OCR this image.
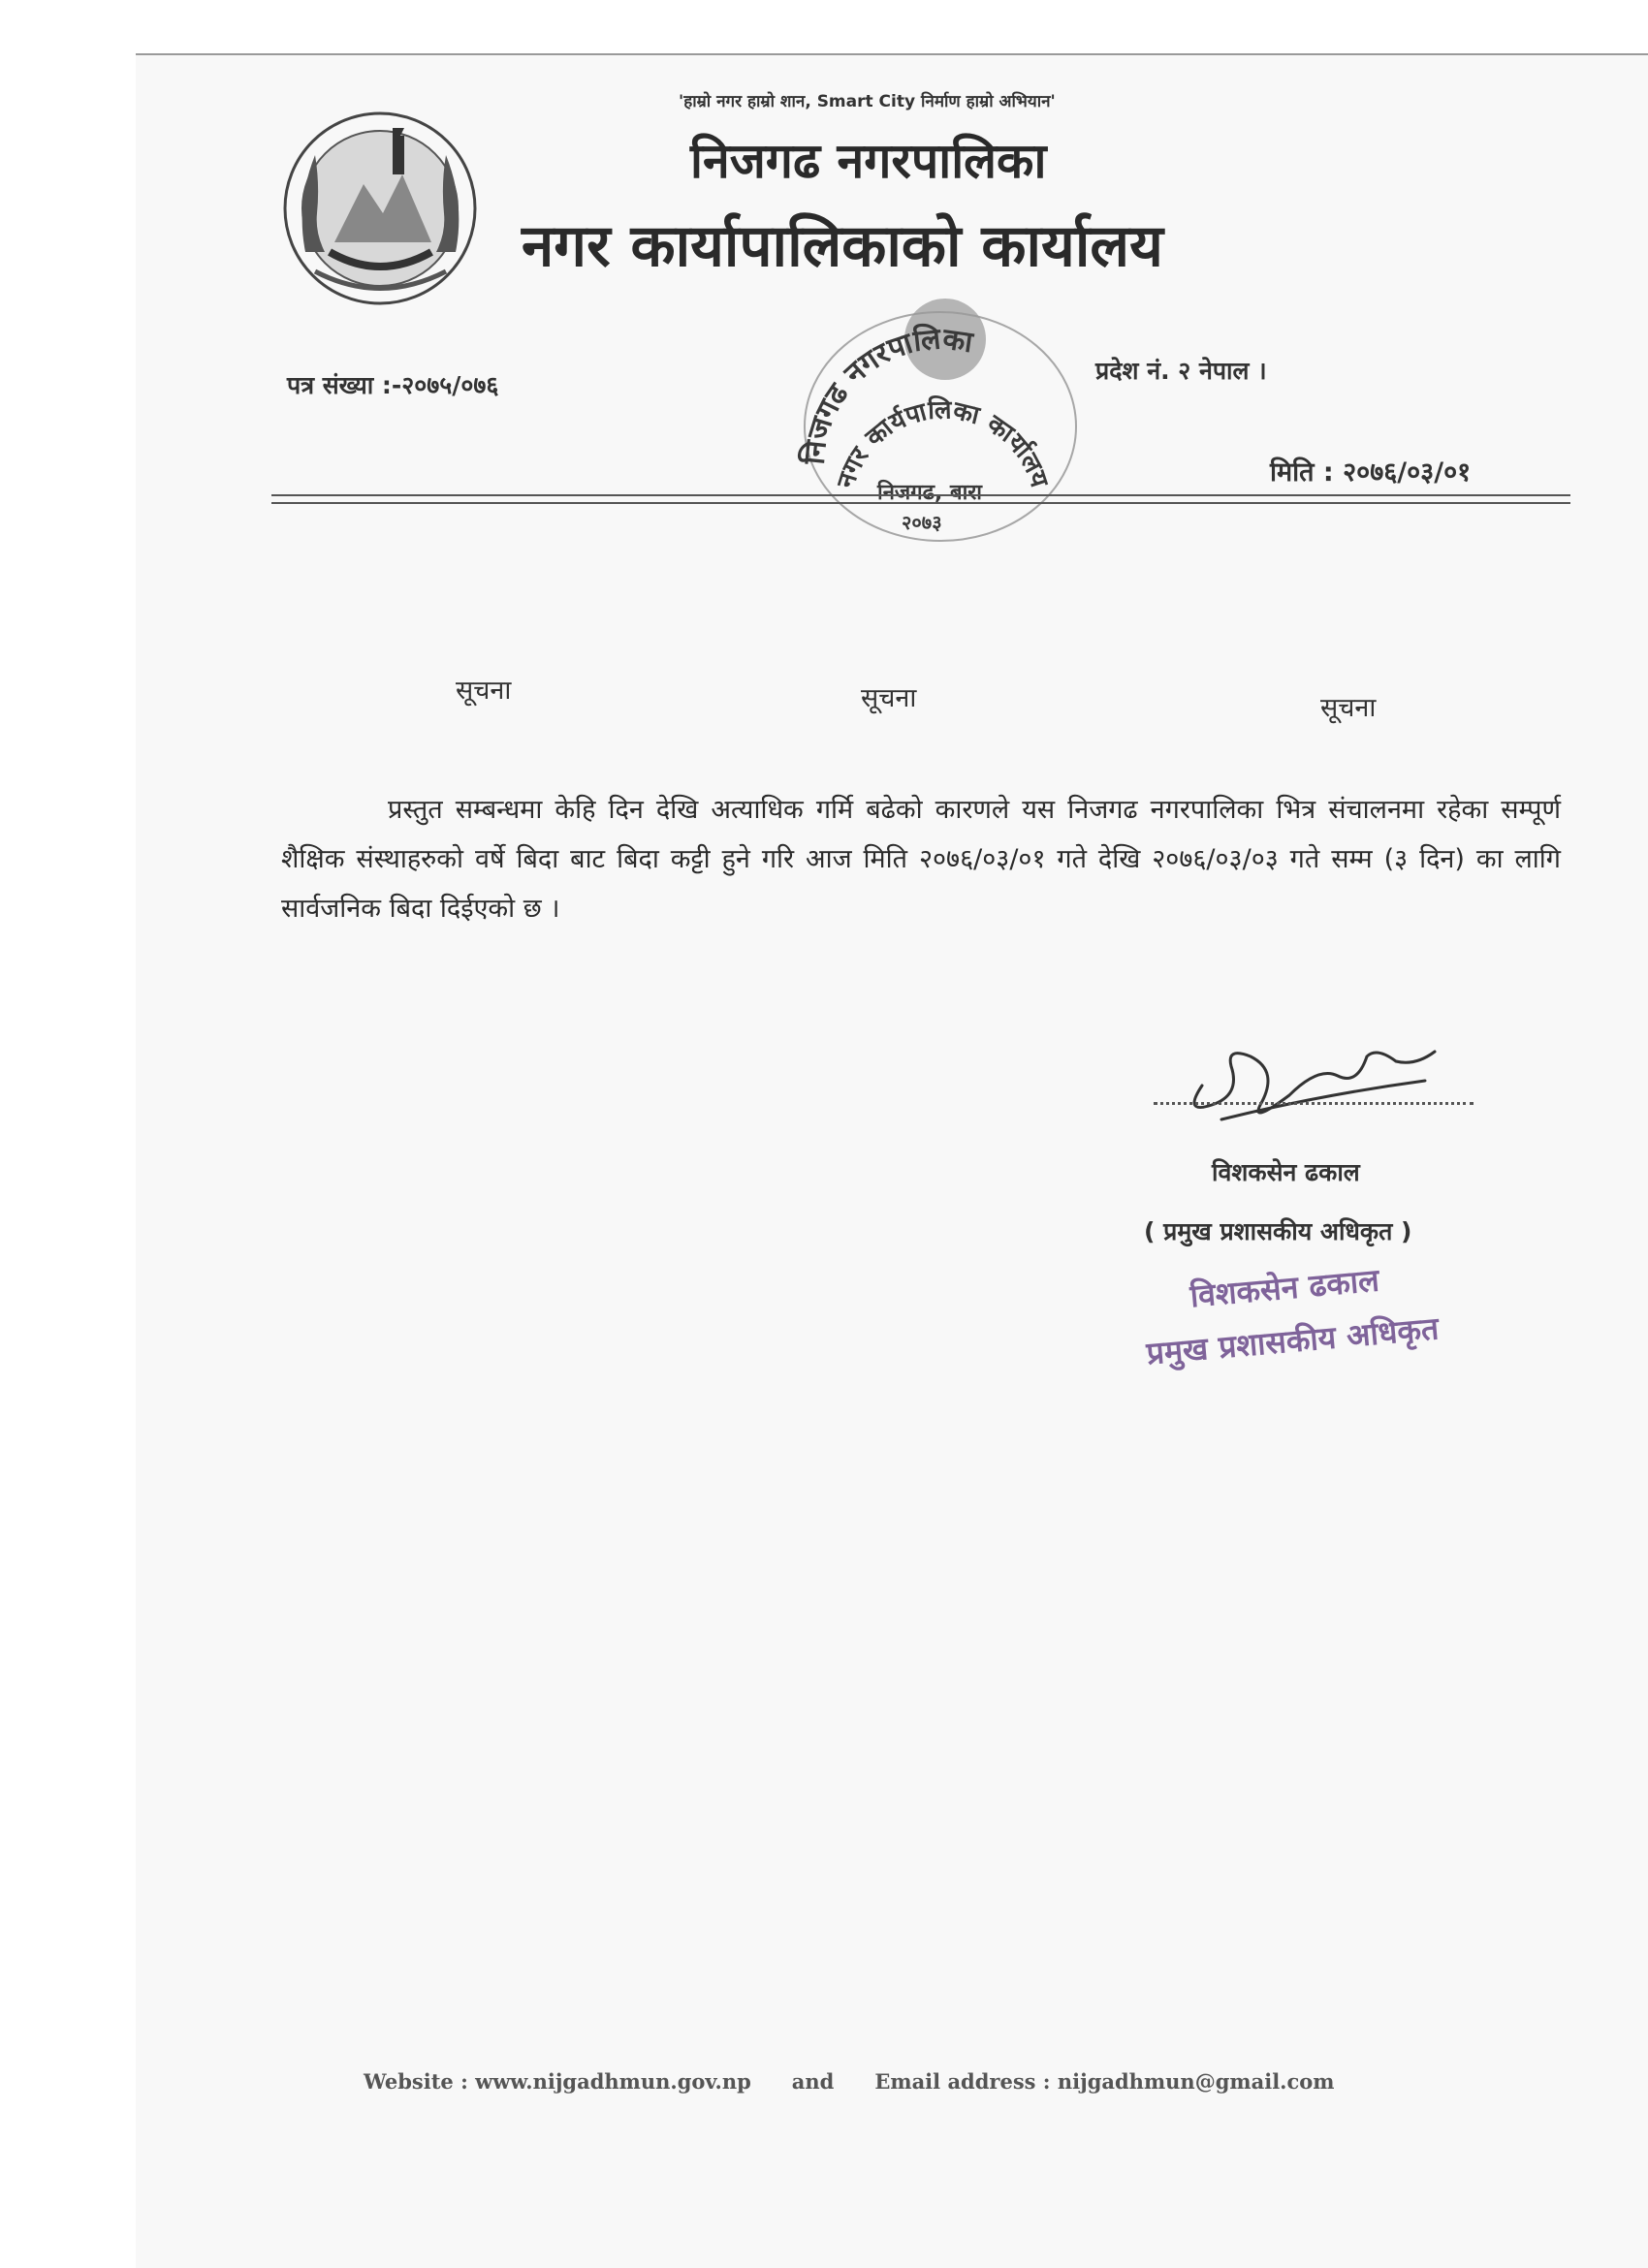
'हाम्रो नगर हाम्रो शान, Smart City निर्माण हाम्रो अभियान'
निजगढ नगरपालिका
नगर कार्यापालिकाको कार्यालय
निजगढ नगरपालिका
नगर कार्यपालिका कार्यालय
निजगढ, बारा
२०७३
पत्र संख्या :-२०७५/०७६
प्रदेश नं. २ नेपाल ।
मिति : २०७६/०३/०१
सूचना	सूचना	सूचना

प्रस्तुत सम्बन्धमा केहि दिन देखि अत्याधिक गर्मि बढेको कारणले यस निजगढ नगरपालिका भित्र संचालनमा रहेका सम्पूर्ण शैक्षिक संस्थाहरुको वर्षे बिदा बाट बिदा कट्टी हुने गरि आज मिति २०७६/०३/०१ गते देखि २०७६/०३/०३ गते सम्म (३ दिन) का लागि सार्वजनिक बिदा दिईएको छ ।

विशकसेन ढकाल
( प्रमुख प्रशासकीय अधिकृत )
विशकसेन ढकाल
प्रमुख प्रशासकीय अधिकृत
Website : www.nijgadhmun.gov.np and Email address : nijgadhmun@gmail.com
